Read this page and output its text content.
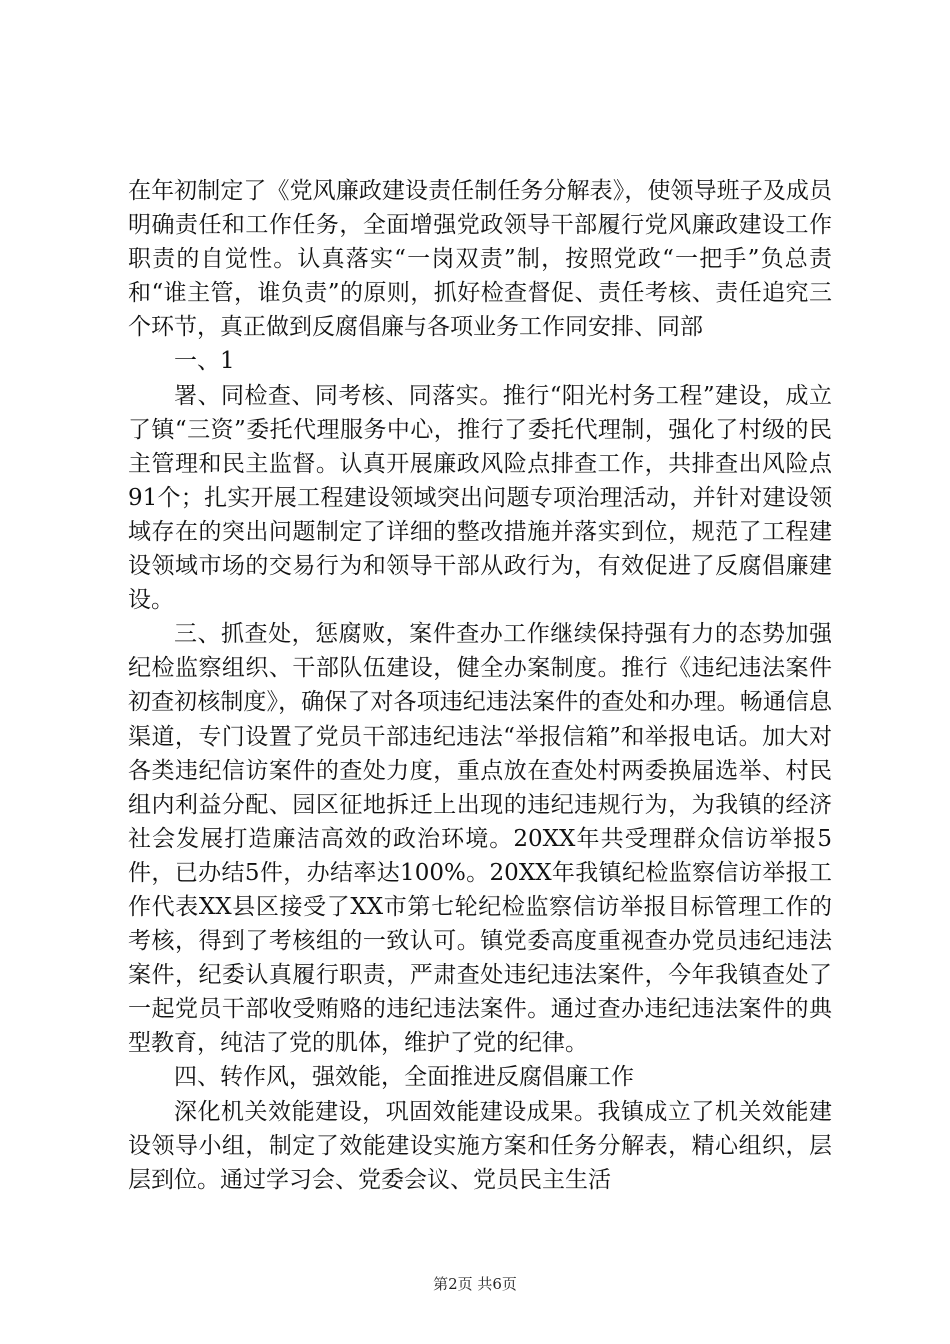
在年初制定了《党风廉政建设责任制任务分解表》，使领导班子及成员明确责任和工作任务，全面增强党政领导干部履行党风廉政建设工作职责的自觉性。认真落实“一岗双责”制，按照党政“一把手”负总责和“谁主管，谁负责”的原则，抓好检查督促、责任考核、责任追究三个环节，真正做到反腐倡廉与各项业务工作同安排、同部

一、1

署、同检查、同考核、同落实。推行“阳光村务工程”建设，成立了镇“三资”委托代理服务中心，推行了委托代理制，强化了村级的民主管理和民主监督。认真开展廉政风险点排查工作，共排查出风险点91个；扎实开展工程建设领域突出问题专项治理活动，并针对建设领域存在的突出问题制定了详细的整改措施并落实到位，规范了工程建设领域市场的交易行为和领导干部从政行为，有效促进了反腐倡廉建设。

三、抓查处，惩腐败，案件查办工作继续保持强有力的态势加强纪检监察组织、干部队伍建设，健全办案制度。推行《违纪违法案件初查初核制度》，确保了对各项违纪违法案件的查处和办理。畅通信息渠道，专门设置了党员干部违纪违法“举报信箱”和举报电话。加大对各类违纪信访案件的查处力度，重点放在查处村两委换届选举、村民组内利益分配、园区征地拆迁上出现的违纪违规行为，为我镇的经济社会发展打造廉洁高效的政治环境。20XX年共受理群众信访举报5件，已办结5件，办结率达100%。20XX年我镇纪检监察信访举报工作代表XX县区接受了XX市第七轮纪检监察信访举报目标管理工作的考核，得到了考核组的一致认可。镇党委高度重视查办党员违纪违法案件，纪委认真履行职责，严肃查处违纪违法案件，今年我镇查处了一起党员干部收受贿赂的违纪违法案件。通过查办违纪违法案件的典型教育，纯洁了党的肌体，维护了党的纪律。

四、转作风，强效能，全面推进反腐倡廉工作

深化机关效能建设，巩固效能建设成果。我镇成立了机关效能建设领导小组，制定了效能建设实施方案和任务分解表，精心组织，层层到位。通过学习会、党委会议、党员民主生活

第2页 共6页
